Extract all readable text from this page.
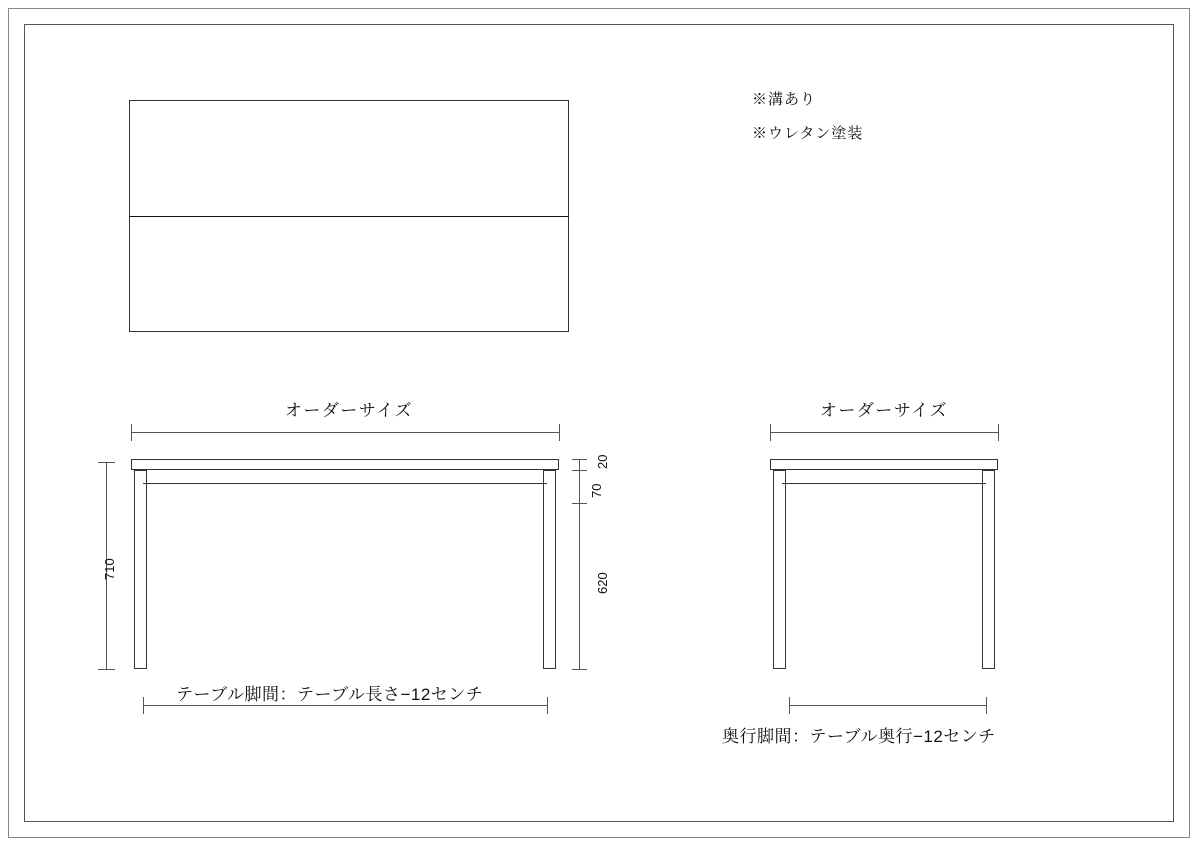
※溝あり
※ウレタン塗装
オーダーサイズ
710
20
70
620
テーブル脚間：テーブル長さ−12センチ
オーダーサイズ
奥行脚間：テーブル奥行−12センチ
